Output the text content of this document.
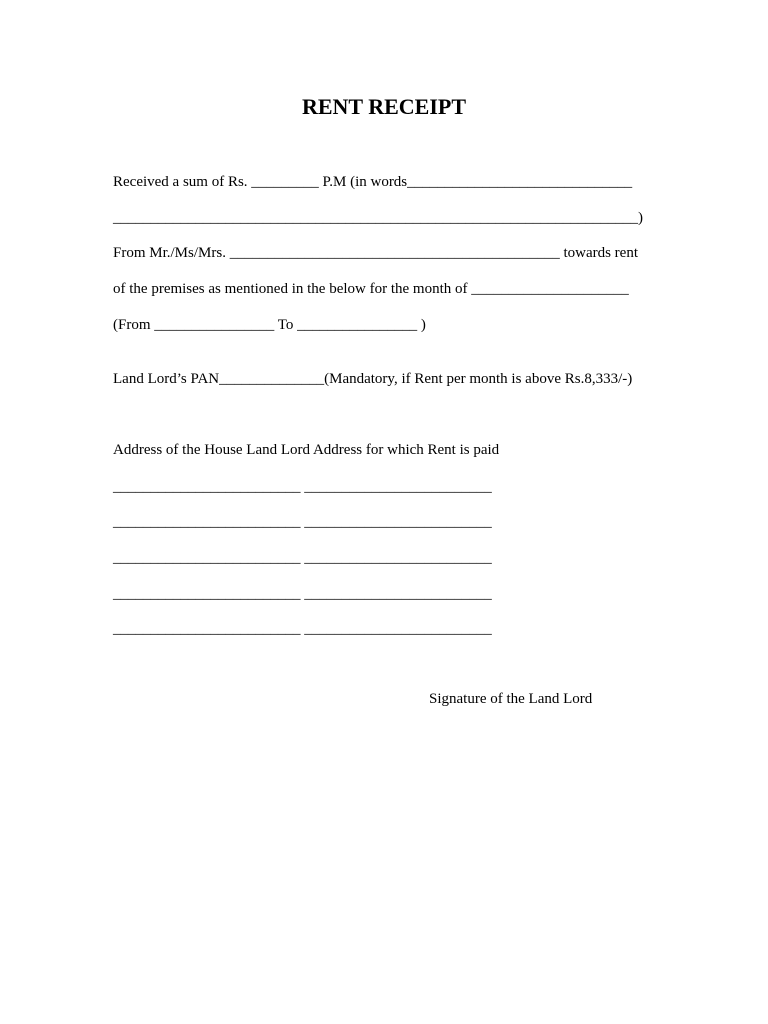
RENT RECEIPT
Received a sum of Rs. _________ P.M (in words______________________________
______________________________________________________________________)
From Mr./Ms/Mrs. ____________________________________________ towards rent
of the premises as mentioned in the below for the month of _____________________
(From ________________ To ________________ )
Land Lord’s PAN______________(Mandatory, if Rent per month is above Rs.8,333/-)
Address of the House Land Lord Address for which Rent is paid
_________________________ _________________________
_________________________ _________________________
_________________________ _________________________
_________________________ _________________________
_________________________ _________________________
Signature of the Land Lord
